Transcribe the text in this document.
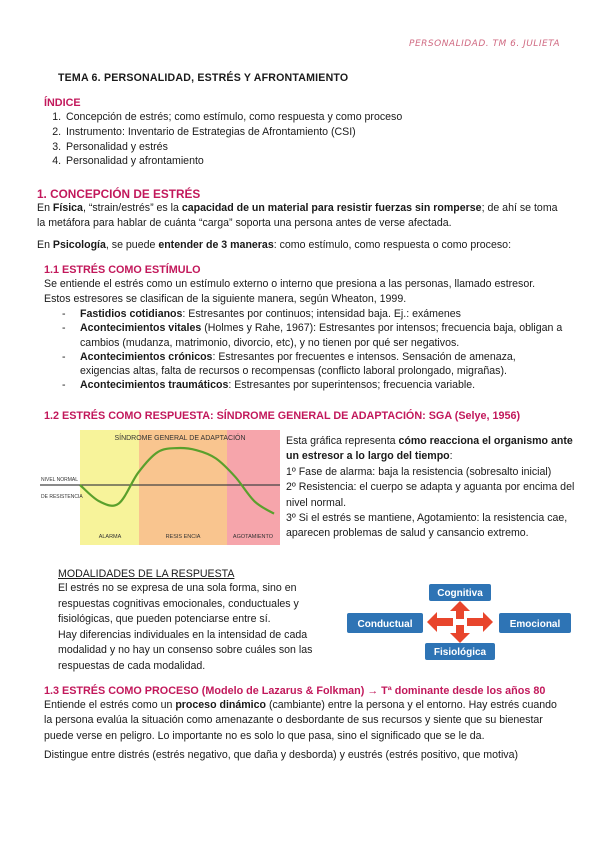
PERSONALIDAD. TM 6. JULIETA
TEMA 6. PERSONALIDAD, ESTRÉS Y AFRONTAMIENTO
ÍNDICE
1. Concepción de estrés; como estímulo, como respuesta y como proceso
2. Instrumento: Inventario de Estrategias de Afrontamiento (CSI)
3. Personalidad y estrés
4. Personalidad y afrontamiento
1. CONCEPCIÓN DE ESTRÉS

En Física, “strain/estrés” es la capacidad de un material para resistir fuerzas sin romperse; de ahí se toma la metáfora para hablar de cuánta “carga” soporta una persona antes de verse afectada.

En Psicología, se puede entender de 3 maneras: como estímulo, como respuesta o como proceso:

1.1 ESTRÉS COMO ESTÍMULO

Se entiende el estrés como un estímulo externo o interno que presiona a las personas, llamado estresor. Estos estresores se clasifican de la siguiente manera, según Wheaton, 1999.

- Fastidios cotidianos: Estresantes por continuos; intensidad baja. Ej.: exámenes
- Acontecimientos vitales (Holmes y Rahe, 1967): Estresantes por intensos; frecuencia baja, obligan a cambios (mudanza, matrimonio, divorcio, etc), y no tienen por qué ser negativos.
- Acontecimientos crónicos: Estresantes por frecuentes e intensos. Sensación de amenaza, exigencias altas, falta de recursos o recompensas (conflicto laboral prolongado, migrañas).
- Acontecimientos traumáticos: Estresantes por superintensos; frecuencia variable.
1.2 ESTRÉS COMO RESPUESTA: SÍNDROME GENERAL DE ADAPTACIÓN: SGA (Selye, 1956)
SÍNDROME GENERAL DE ADAPTACIÓN
NIVEL NORMAL
DE RESISTENCIA
ALARMA	RESIS ENCIA	AGOTAMIENTO
Esta gráfica representa cómo reacciona el organismo ante un estresor a lo largo del tiempo:
1º Fase de alarma: baja la resistencia (sobresalto inicial)
2º Resistencia: el cuerpo se adapta y aguanta por encima del nivel normal.
3º Si el estrés se mantiene, Agotamiento: la resistencia cae, aparecen problemas de salud y cansancio extremo.
MODALIDADES DE LA RESPUESTA
El estrés no se expresa de una sola forma, sino en respuestas cognitivas emocionales, conductuales y fisiológicas, que pueden potenciarse entre sí.
Hay diferencias individuales en la intensidad de cada modalidad y no hay un consenso sobre cuáles son las respuestas de cada modalidad.
Cognitiva
Conductual	Emocional
Fisiológica
1.3 ESTRÉS COMO PROCESO (Modelo de Lazarus & Folkman) → Tª dominante desde los años 80

Entiende el estrés como un proceso dinámico (cambiante) entre la persona y el entorno. Hay estrés cuando la persona evalúa la situación como amenazante o desbordante de sus recursos y siente que su bienestar puede verse en peligro. Lo importante no es solo lo que pasa, sino el significado que se le da.

Distingue entre distrés (estrés negativo, que daña y desborda) y eustrés (estrés positivo, que motiva)
